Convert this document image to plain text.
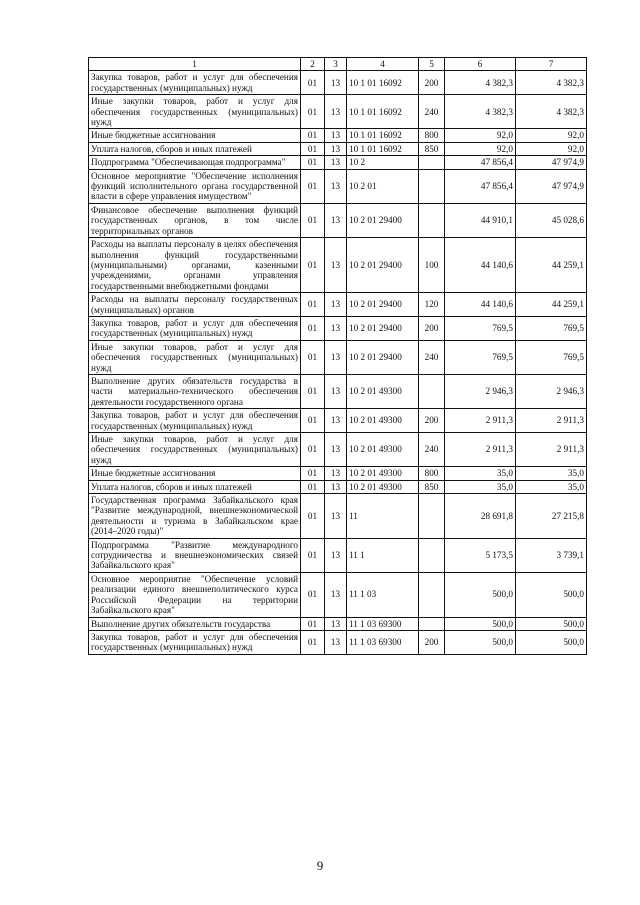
1	2	3	4	5	6	7
Закупка товаров, работ и услуг для обеспечения государственных (муниципальных) нужд	01	13	10 1 01 16092	200	4 382,3	4 382,3
Иные закупки товаров, работ и услуг для обеспечения государственных (муниципальных) нужд	01	13	10 1 01 16092	240	4 382,3	4 382,3
Иные бюджетные ассигнования	01	13	10 1 01 16092	800	92,0	92,0
Уплата налогов, сборов и иных платежей	01	13	10 1 01 16092	850	92,0	92,0
Подпрограмма "Обеспечивающая подпрограмма"	01	13	10 2		47 856,4	47 974,9
Основное мероприятие "Обеспечение исполнения функций исполнительного органа государственной власти в сфере управления имуществом"	01	13	10 2 01		47 856,4	47 974,9
Финансовое обеспечение выполнения функций государственных органов, в том числе территориальных органов	01	13	10 2 01 29400		44 910,1	45 028,6
Расходы на выплаты персоналу в целях обеспечения выполнения функций государственными (муниципальными) органами, казенными учреждениями, органами управления государственными внебюджетными фондами	01	13	10 2 01 29400	100	44 140,6	44 259,1
Расходы на выплаты персоналу государственных (муниципальных) органов	01	13	10 2 01 29400	120	44 140,6	44 259,1
Закупка товаров, работ и услуг для обеспечения государственных (муниципальных) нужд	01	13	10 2 01 29400	200	769,5	769,5
Иные закупки товаров, работ и услуг для обеспечения государственных (муниципальных) нужд	01	13	10 2 01 29400	240	769,5	769,5
Выполнение других обязательств государства в части материально-технического обеспечения деятельности государственного органа	01	13	10 2 01 49300		2 946,3	2 946,3
Закупка товаров, работ и услуг для обеспечения государственных (муниципальных) нужд	01	13	10 2 01 49300	200	2 911,3	2 911,3
Иные закупки товаров, работ и услуг для обеспечения государственных (муниципальных) нужд	01	13	10 2 01 49300	240	2 911,3	2 911,3
Иные бюджетные ассигнования	01	13	10 2 01 49300	800	35,0	35,0
Уплата налогов, сборов и иных платежей	01	13	10 2 01 49300	850	35,0	35,0
Государственная программа Забайкальского края "Развитие международной, внешнеэкономической деятельности и туризма в Забайкальском крае (2014–2020 годы)"	01	13	11		28 691,8	27 215,8
Подпрограмма "Развитие международного сотрудничества и внешнеэкономических связей Забайкальского края"	01	13	11 1		5 173,5	3 739,1
Основное мероприятие "Обеспечение условий реализации единого внешнеполитического курса Российской Федерации на территории Забайкальского края"	01	13	11 1 03		500,0	500,0
Выполнение других обязательств государства	01	13	11 1 03 69300		500,0	500,0
Закупка товаров, работ и услуг для обеспечения государственных (муниципальных) нужд	01	13	11 1 03 69300	200	500,0	500,0
9
